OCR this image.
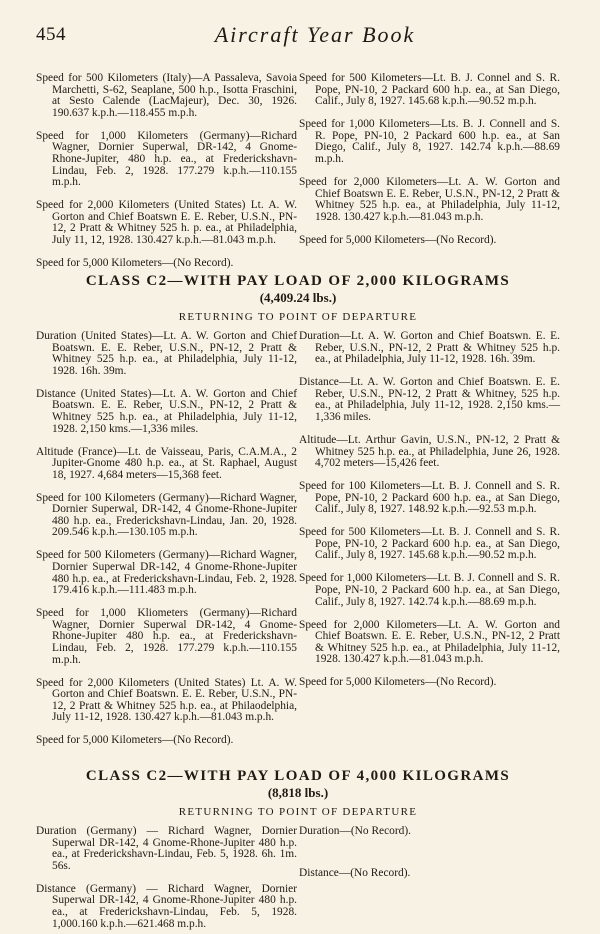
454	Aircraft Year Book

Speed for 500 Kilometers (Italy)—A Passaleva, Savoia Marchetti, S-62, Seaplane, 500 h.p., Isotta Fraschini, at Sesto Calende (LacMajeur), Dec. 30, 1926. 190.637 k.p.h.—118.455 m.p.h.

Speed for 1,000 Kilometers (Germany)—Richard Wagner, Dornier Superwal, DR-142, 4 Gnome-Rhone-Jupiter, 480 h.p. ea., at Frederickshavn-Lindau, Feb. 2, 1928. 177.279 k.p.h.—110.155 m.p.h.

Speed for 2,000 Kilometers (United States) Lt. A. W. Gorton and Chief Boatswn E. E. Reber, U.S.N., PN-12, 2 Pratt & Whitney 525 h. p. ea., at Philadelphia, July 11, 12, 1928. 130.427 k.p.h.—81.043 m.p.h.

Speed for 5,000 Kilometers—(No Record).

Speed for 500 Kilometers—Lt. B. J. Connel and S. R. Pope, PN-10, 2 Packard 600 h.p. ea., at San Diego, Calif., July 8, 1927. 145.68 k.p.h.—90.52 m.p.h.

Speed for 1,000 Kilometers—Lts. B. J. Connell and S. R. Pope, PN-10, 2 Packard 600 h.p. ea., at San Diego, Calif., July 8, 1927. 142.74 k.p.h.—88.69 m.p.h.

Speed for 2,000 Kilometers—Lt. A. W. Gorton and Chief Boatswn E. E. Reber, U.S.N., PN-12, 2 Pratt & Whitney 525 h.p. ea., at Philadelphia, July 11-12, 1928. 130.427 k.p.h.—81.043 m.p.h.

Speed for 5,000 Kilometers—(No Record).

CLASS C2—WITH PAY LOAD OF 2,000 KILOGRAMS
(4,409.24 lbs.)
RETURNING TO POINT OF DEPARTURE

Duration (United States)—Lt. A. W. Gorton and Chief Boatswn. E. E. Reber, U.S.N., PN-12, 2 Pratt & Whitney 525 h.p. ea., at Philadelphia, July 11-12, 1928. 16h. 39m.

Distance (United States)—Lt. A. W. Gorton and Chief Boatswn. E. E. Reber, U.S.N., PN-12, 2 Pratt & Whitney 525 h.p. ea., at Philadelphia, July 11-12, 1928. 2,150 kms.—1,336 miles.

Altitude (France)—Lt. de Vaisseau, Paris, C.A.M.A., 2 Jupiter-Gnome 480 h.p. ea., at St. Raphael, August 18, 1927. 4,684 meters—15,368 feet.

Speed for 100 Kilometers (Germany)—Richard Wagner, Dornier Superwal, DR-142, 4 Gnome-Rhone-Jupiter 480 h.p. ea., Frederickshavn-Lindau, Jan. 20, 1928. 209.546 k.p.h.—130.105 m.p.h.

Speed for 500 Kilometers (Germany)—Richard Wagner, Dornier Superwal DR-142, 4 Gnome-Rhone-Jupiter 480 h.p. ea., at Frederickshavn-Lindau, Feb. 2, 1928. 179.416 k.p.h.—111.483 m.p.h.

Speed for 1,000 Kliometers (Germany)—Richard Wagner, Dornier Superwal DR-142, 4 Gnome-Rhone-Jupiter 480 h.p. ea., at Frederickshavn-Lindau, Feb. 2, 1928. 177.279 k.p.h.—110.155 m.p.h.

Speed for 2,000 Kilometers (United States) Lt. A. W. Gorton and Chief Boatswn. E. E. Reber, U.S.N., PN-12, 2 Pratt & Whitney 525 h.p. ea., at Philaodelphia, July 11-12, 1928. 130.427 k.p.h.—81.043 m.p.h.

Speed for 5,000 Kilometers—(No Record).

Duration—Lt. A. W. Gorton and Chief Boatswn. E. E. Reber, U.S.N., PN-12, 2 Pratt & Whitney 525 h.p. ea., at Philadelphia, July 11-12, 1928. 16h. 39m.

Distance—Lt. A. W. Gorton and Chief Boatswn. E. E. Reber, U.S.N., PN-12, 2 Pratt & Whitney, 525 h.p. ea., at Philadelphia, July 11-12, 1928. 2,150 kms.—1,336 miles.

Altitude—Lt. Arthur Gavin, U.S.N., PN-12, 2 Pratt & Whitney 525 h.p. ea., at Philadelphia, June 26, 1928. 4,702 meters—15,426 feet.

Speed for 100 Kilometers—Lt. B. J. Connell and S. R. Pope, PN-10, 2 Packard 600 h.p. ea., at San Diego, Calif., July 8, 1927. 148.92 k.p.h.—92.53 m.p.h.

Speed for 500 Kilometers—Lt. B. J. Connell and S. R. Pope, PN-10, 2 Packard 600 h.p. ea., at San Diego, Calif., July 8, 1927. 145.68 k.p.h.—90.52 m.p.h.

Speed for 1,000 Kilometers—Lt. B. J. Connell and S. R. Pope, PN-10, 2 Packard 600 h.p. ea., at San Diego, Calif., July 8, 1927. 142.74 k.p.h.—88.69 m.p.h.

Speed for 2,000 Kilometers—Lt. A. W. Gorton and Chief Boatswn. E. E. Reber, U.S.N., PN-12, 2 Pratt & Whitney 525 h.p. ea., at Philadelphia, July 11-12, 1928. 130.427 k.p.h.—81.043 m.p.h.

Speed for 5,000 Kilometers—(No Record).

CLASS C2—WITH PAY LOAD OF 4,000 KILOGRAMS
(8,818 lbs.)
RETURNING TO POINT OF DEPARTURE

Duration (Germany) — Richard Wagner, Dornier Superwal DR-142, 4 Gnome-Rhone-Jupiter 480 h.p. ea., at Frederickshavn-Lindau, Feb. 5, 1928. 6h. 1m. 56s.

Distance (Germany) — Richard Wagner, Dornier Superwal DR-142, 4 Gnome-Rhone-Jupiter 480 h.p. ea., at Frederickshavn-Lindau, Feb. 5, 1928. 1,000.160 k.p.h.—621.468 m.p.h.

Duration—(No Record).

Distance—(No Record).
